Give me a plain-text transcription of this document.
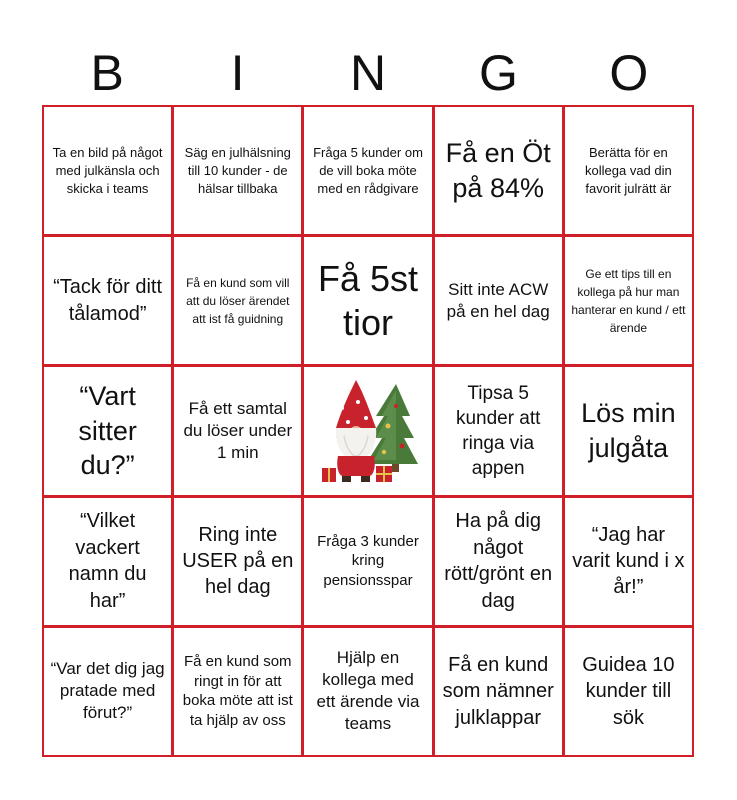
B	I	N	G	O
Ta en bild på något med julkänsla och skicka i teams
Säg en julhälsning till 10 kunder - de hälsar tillbaka
Fråga 5 kunder om de vill boka möte med en rådgivare
Få en Öt på 84%
Berätta för en kollega vad din favorit julrätt är
“Tack för ditt tålamod”
Få en kund som vill att du löser ärendet att ist få guidning
Få 5st tior
Sitt inte ACW på en hel dag
Ge ett tips till en kollega på hur man hanterar en kund / ett ärende
“Vart sitter du?”
Få ett samtal du löser under 1 min
Tipsa 5 kunder att ringa via appen
Lös min julgåta
“Vilket vackert namn du har”
Ring inte USER på en hel dag
Fråga 3 kunder kring pensionsspar
Ha på dig något rött/grönt en dag
“Jag har varit kund i x år!”
“Var det dig jag pratade med förut?”
Få en kund som ringt in för att boka möte att ist ta hjälp av oss
Hjälp en kollega med ett ärende via teams
Få en kund som nämner julklappar
Guidea 10 kunder till sök
